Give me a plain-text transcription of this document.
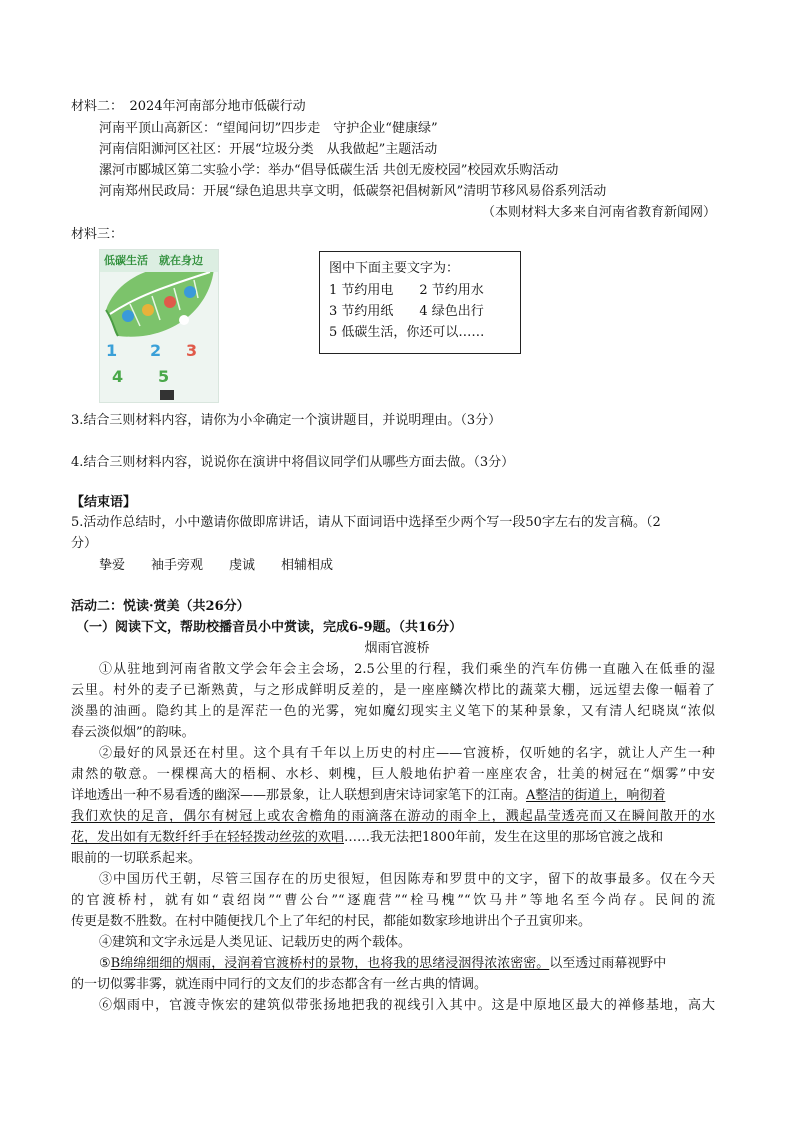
材料二：　2024年河南部分地市低碳行动
河南平顶山高新区：“望闻问切”四步走　守护企业“健康绿”
河南信阳浉河区社区：开展“垃圾分类　从我做起”主题活动
漯河市郾城区第二实验小学：举办“倡导低碳生活 共创无废校园”校园欢乐购活动
河南郑州民政局：开展“绿色追思共享文明，低碳祭祀倡树新风”清明节移风易俗系列活动
（本则材料大多来自河南省教育新闻网）
材料三：
低碳生活　就在身边
1 2 3
4 5
图中下面主要文字为：
1 节约用电　　2 节约用水
3 节约用纸　　4 绿色出行
5 低碳生活，你还可以……
3.结合三则材料内容，请你为小伞确定一个演讲题目，并说明理由。（3分）
4.结合三则材料内容，说说你在演讲中将倡议同学们从哪些方面去做。（3分）
【结束语】
5.活动作总结时，小中邀请你做即席讲话，请从下面词语中选择至少两个写一段50字左右的发言稿。（2
分）
挚爱　　袖手旁观　　虔诚　　相辅相成
活动二：悦读·赏美（共26分）
（一）阅读下文，帮助校播音员小中赏读，完成6-9题。（共16分）
烟雨官渡桥
①从驻地到河南省散文学会年会主会场，2.5公里的行程，我们乘坐的汽车仿佛一直融入在低垂的湿
云里。村外的麦子已渐熟黄，与之形成鲜明反差的，是一座座鳞次栉比的蔬菜大棚，远远望去像一幅着了
淡墨的油画。隐约其上的是浑茫一色的光雾，宛如魔幻现实主义笔下的某种景象，又有清人纪晓岚“浓似
春云淡似烟”的韵味。
②最好的风景还在村里。这个具有千年以上历史的村庄——官渡桥，仅听她的名字，就让人产生一种
肃然的敬意。一棵棵高大的梧桐、水杉、刺槐，巨人般地佑护着一座座农舍，壮美的树冠在“烟雾”中安
详地透出一种不易看透的幽深——那景象，让人联想到唐宋诗词家笔下的江南。A整洁的街道上，响彻着
我们欢快的足音，偶尔有树冠上或农舍檐角的雨滴落在游动的雨伞上，溅起晶莹透亮而又在瞬间散开的水
花，发出如有无数纤纤手在轻轻拨动丝弦的欢唱……我无法把1800年前，发生在这里的那场官渡之战和
眼前的一切联系起来。
③中国历代王朝，尽管三国存在的历史很短，但因陈寿和罗贯中的文字，留下的故事最多。仅在今天
的官渡桥村，就有如“袁绍岗”“曹公台”“逐鹿营”“栓马槐”“饮马井”等地名至今尚存。民间的流
传更是数不胜数。在村中随便找几个上了年纪的村民，都能如数家珍地讲出个子丑寅卯来。
④建筑和文字永远是人类见证、记载历史的两个载体。
⑤B绵绵细细的烟雨，浸润着官渡桥村的景物，也将我的思绪浸洇得浓浓密密。以至透过雨幕视野中
的一切似雾非雾，就连雨中同行的文友们的步态都含有一丝古典的情调。
⑥烟雨中，官渡寺恢宏的建筑似带张扬地把我的视线引入其中。这是中原地区最大的禅修基地，高大
